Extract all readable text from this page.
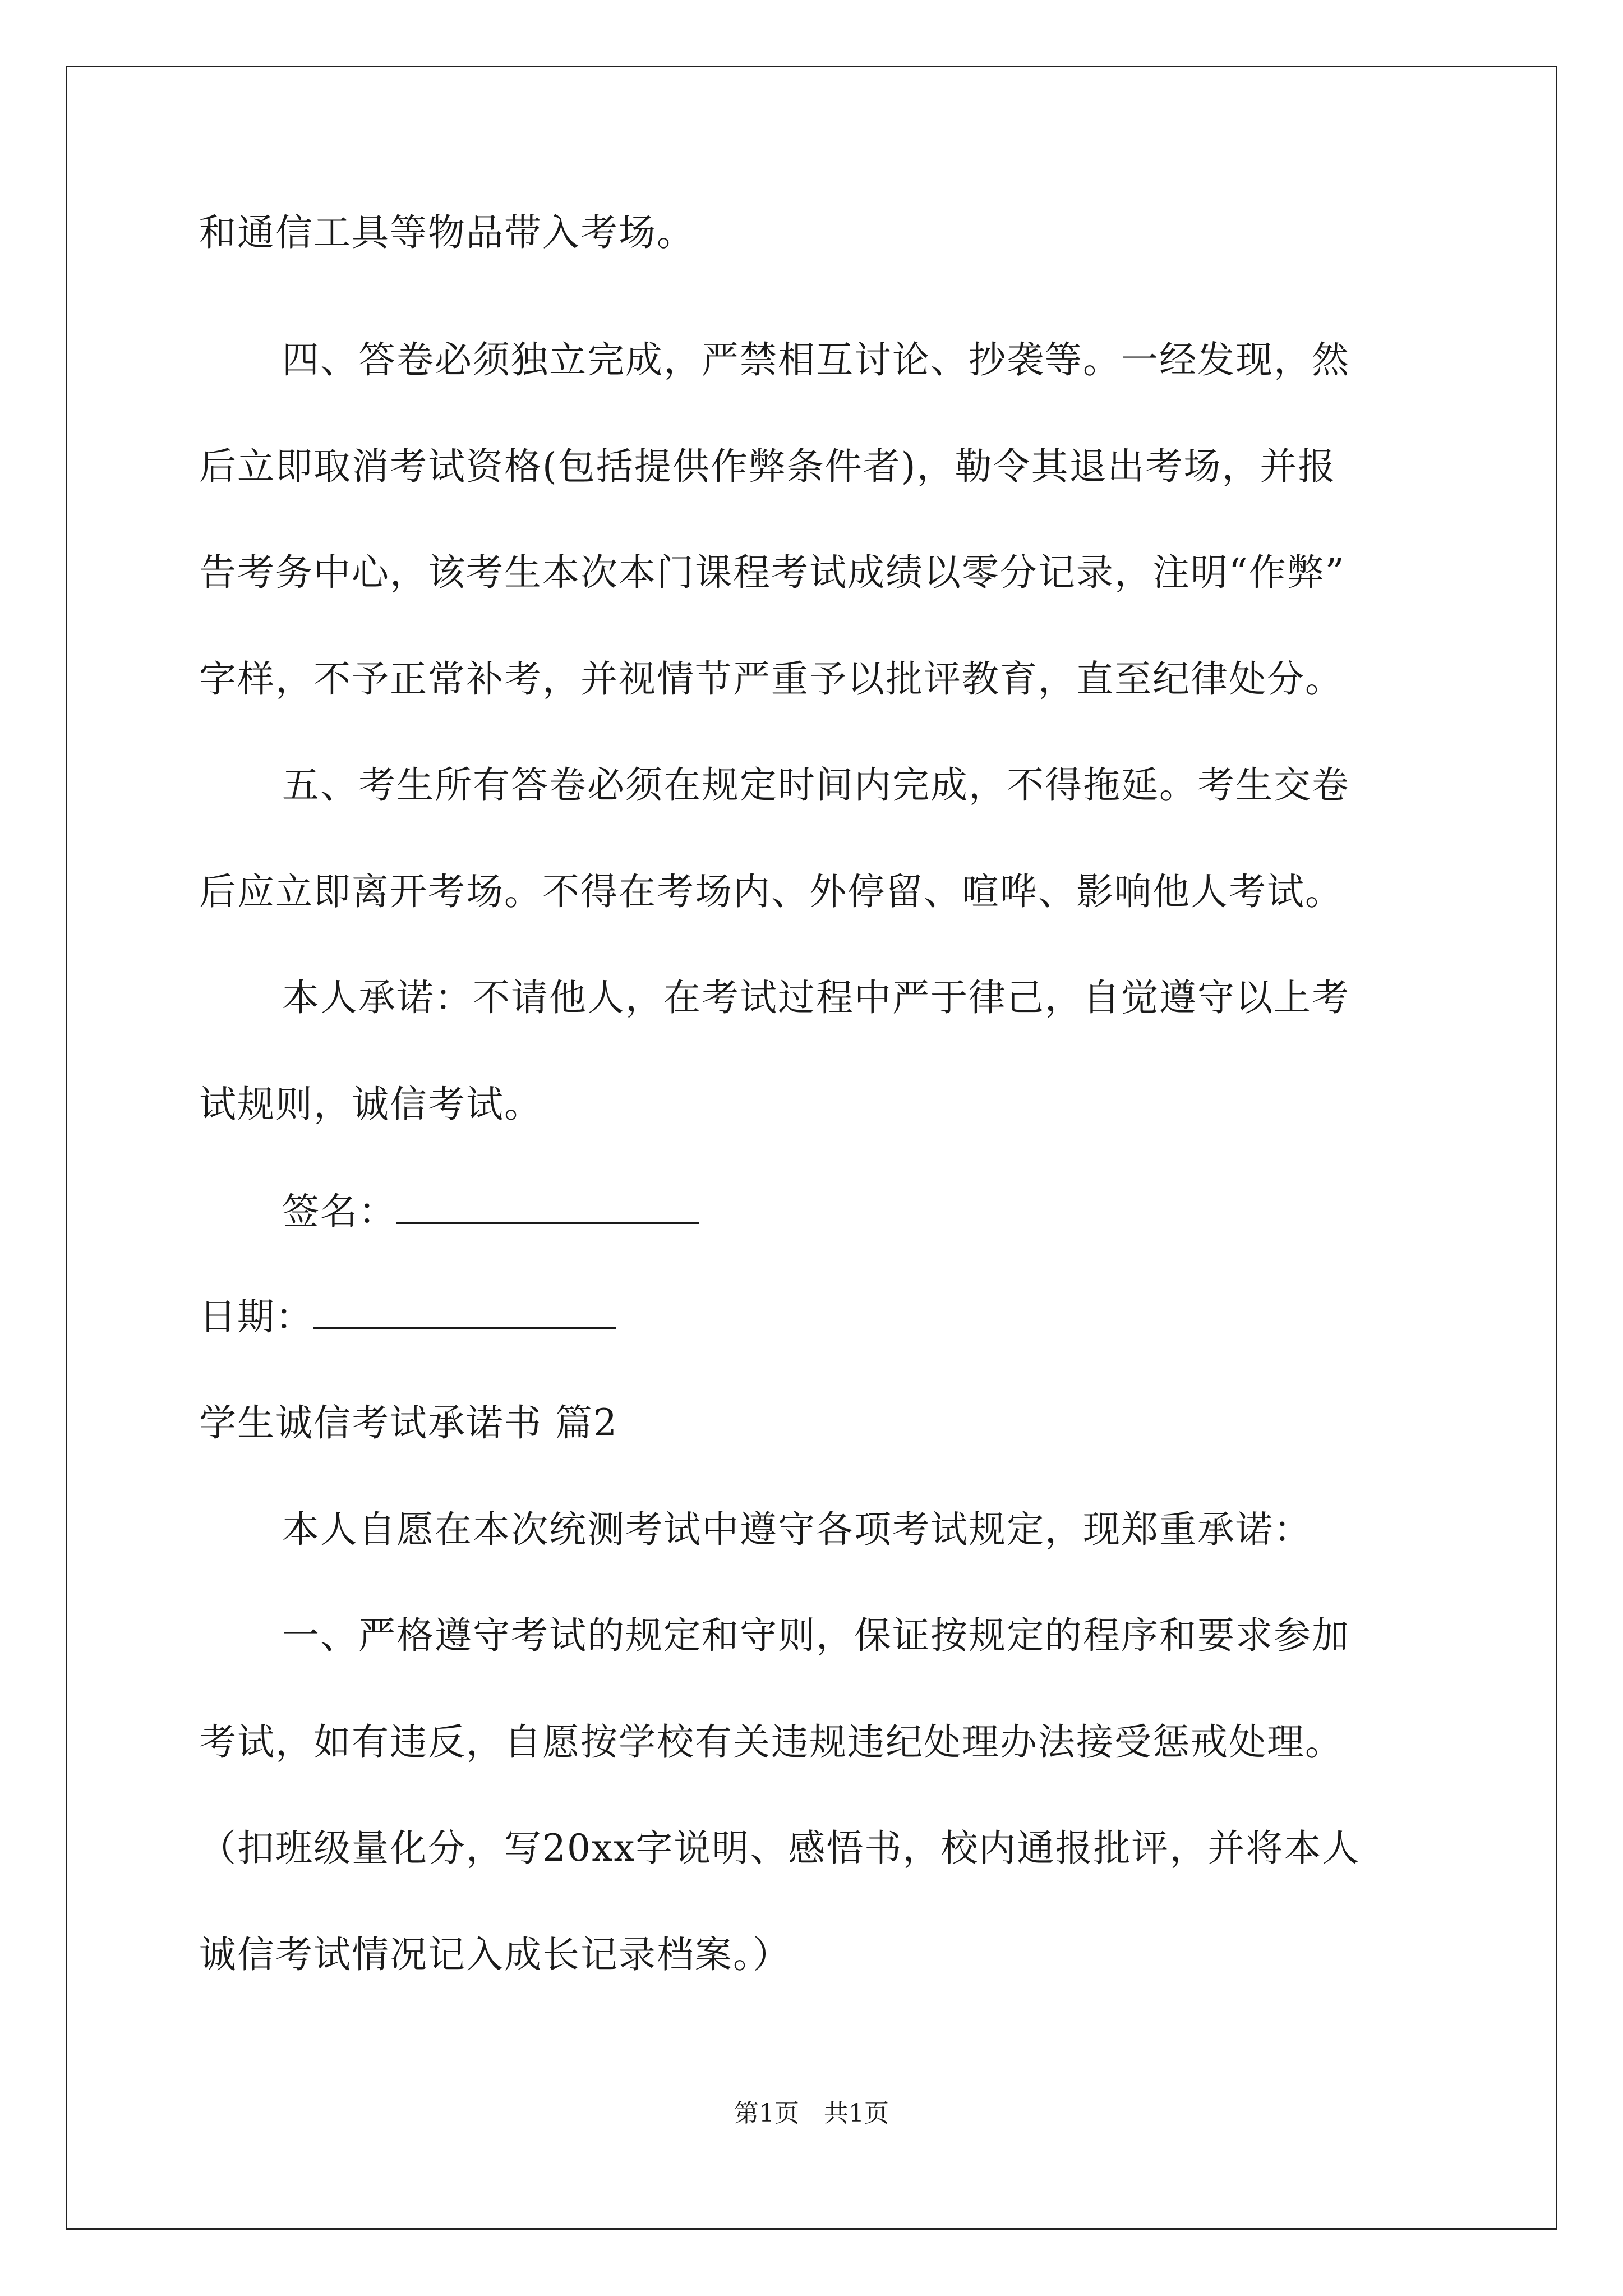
和通信工具等物品带入考场。
四、答卷必须独立完成，严禁相互讨论、抄袭等。一经发现，然
后立即取消考试资格(包括提供作弊条件者)，勒令其退出考场，并报
告考务中心，该考生本次本门课程考试成绩以零分记录，注明“作弊”
字样，不予正常补考，并视情节严重予以批评教育，直至纪律处分。
五、考生所有答卷必须在规定时间内完成，不得拖延。考生交卷
后应立即离开考场。不得在考场内、外停留、喧哗、影响他人考试。
本人承诺：不请他人，在考试过程中严于律己，自觉遵守以上考
试规则，诚信考试。
签名：
日期：
学生诚信考试承诺书 篇2
本人自愿在本次统测考试中遵守各项考试规定，现郑重承诺：
一、严格遵守考试的规定和守则，保证按规定的程序和要求参加
考试，如有违反，自愿按学校有关违规违纪处理办法接受惩戒处理。
（扣班级量化分，写20xx字说明、感悟书，校内通报批评，并将本人
诚信考试情况记入成长记录档案。）
第1页　共1页
